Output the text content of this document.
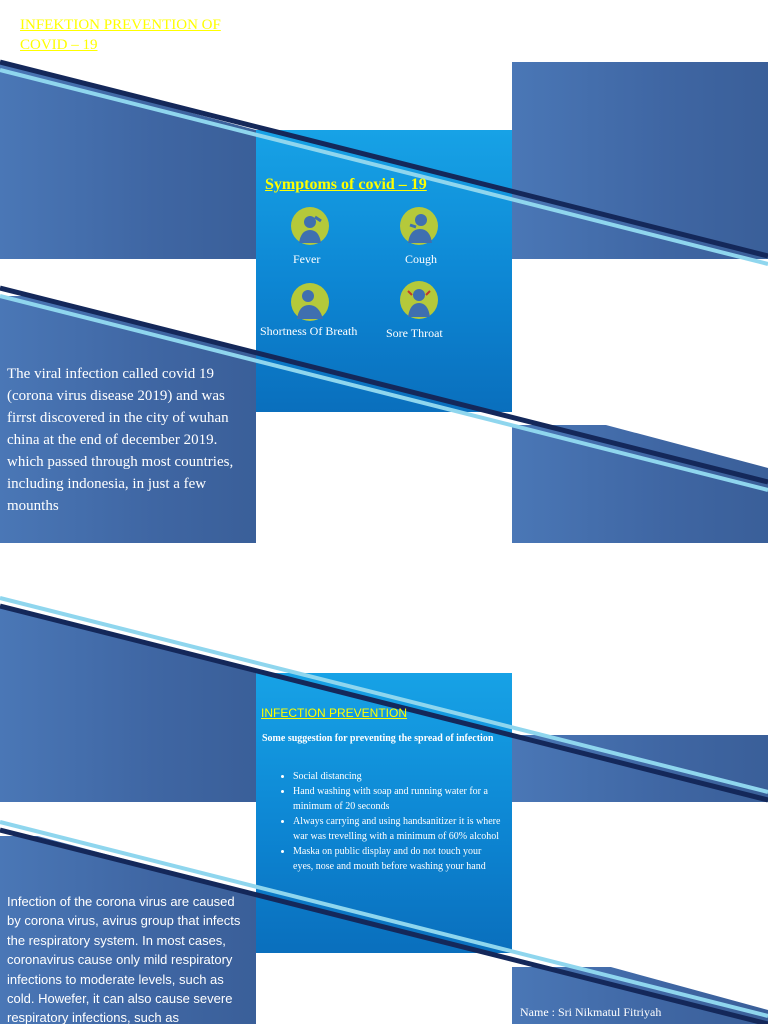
INFEKTION PREVENTION OF
COVID – 19
Symptoms of covid – 19
Fever	Cough
Shortness Of Breath Sore Throat
The viral infection called covid 19 (corona virus disease 2019) and was firrst discovered in the city of wuhan china at the end of december 2019. which passed through most countries, including indonesia, in just a few mounths
INFECTION PREVENTION
Some suggestion for preventing the spread of infection
• Social distancing
• Hand washing with soap and running water for a minimum of 20 seconds
• Always carrying and using handsanitizer it is where war was trevelling with a minimum of 60% alcohol
• Maska on public display and do not touch your eyes, nose and mouth before washing your hand
Infection of the corona virus are caused by corona virus, avirus group that infects the respiratory system. In most cases, coronavirus cause only mild respiratory infections to moderate levels, such as cold. Howefer, it can also cause severe respiratory infections, such as	Name : Sri Nikmatul Fitriyah
